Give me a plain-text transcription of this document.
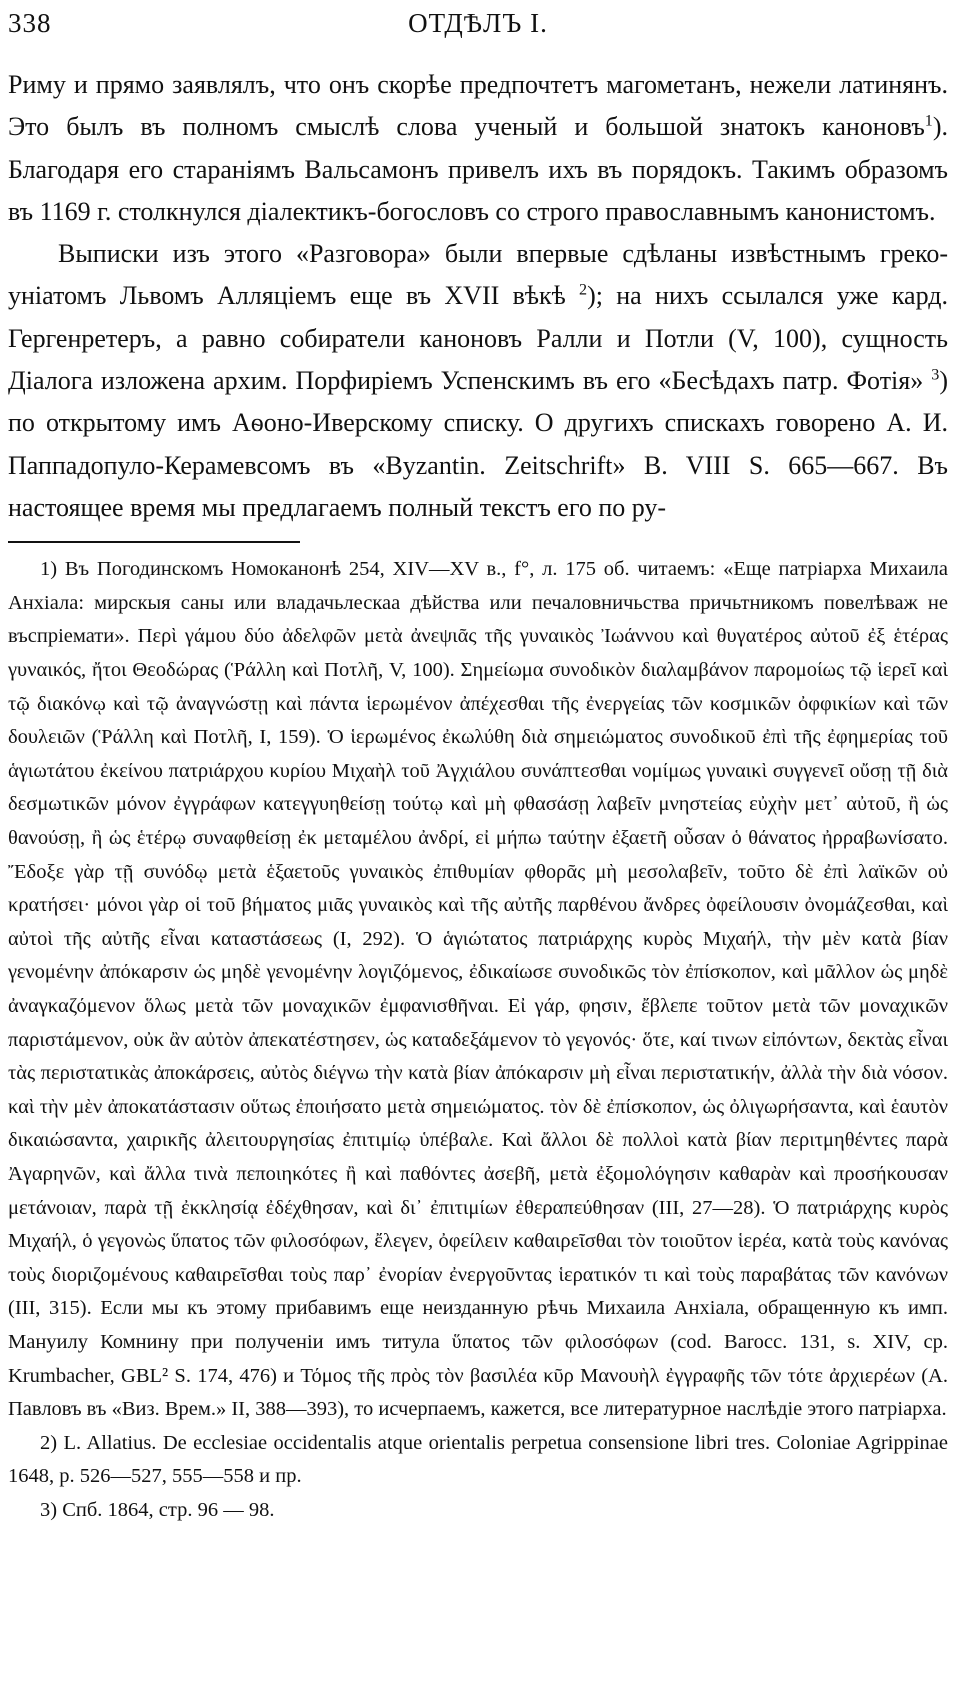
338	ОТДѢЛЪ I.

Риму и прямо заявлялъ, что онъ скорѣе предпочтетъ магометанъ, нежели латинянъ. Это былъ въ полномъ смыслѣ слова ученый и большой знатокъ каноновъ$^1$). Благодаря его стараніямъ Вальсамонъ привелъ ихъ въ порядокъ. Такимъ образомъ въ 1169 г. столкнулся діалектикъ-богословъ со строго православнымъ канонистомъ.

Выписки изъ этого «Разговора» были впервые сдѣланы извѣстнымъ греко-уніатомъ Львомъ Алляціемъ еще въ XVII вѣкѣ $^2$); на нихъ ссылался уже кард. Гергенретеръ, а равно собиратели каноновъ Ралли и Потли (V, 100), сущность Діалога изложена архим. Порфиріемъ Успенскимъ въ его «Бесѣдахъ патр. Фотія» $^3$) по открытому имъ Аѳоно-Иверскому списку. О другихъ спискахъ говорено А. И. Паппадопуло-Керамевсомъ въ «Byzantin. Zeitschrift» B. VIII S. 665—667. Въ настоящее время мы предлагаемъ полный текстъ его по ру-

1) Въ Погодинскомъ Номоканонѣ 254, XIV—XV в., f°, л. 175 об. читаемъ: «Еще патріарха Михаила Анхіала: мирскыя саны или владачьлескаа дѣйства или печаловничьства причьтникомъ повелѣваж не въспріемати». Περὶ γάμου δύο ἀδελφῶν μετὰ ἀνεψιᾶς τῆς γυναικὸς Ἰωάννου καὶ θυγατέρος αὐτοῦ ἐξ ἑτέρας γυναικός, ἤτοι Θεοδώρας (Ῥάλλη καὶ Ποτλῆ, V, 100). Σημείωμα συνοδικὸν διαλαμβάνον παρομοίως τῷ ἱερεῖ καὶ τῷ διακόνῳ καὶ τῷ ἀναγνώστῃ καὶ πάντα ἱερωμένον ἀπέχεσθαι τῆς ἐνεργείας τῶν κοσμικῶν ὀφφικίων καὶ τῶν δουλειῶν (Ῥάλλη καὶ Ποτλῆ, I, 159). Ὁ ἱερωμένος ἐκωλύθη διὰ σημειώματος συνοδικοῦ ἐπὶ τῆς ἐφημερίας τοῦ ἁγιωτάτου ἐκείνου πατριάρχου κυρίου Μιχαὴλ τοῦ Ἀγχιάλου συνάπτεσθαι νομίμως γυναικὶ συγγενεῖ οὔσῃ τῇ διὰ δεσμωτικῶν μόνον ἐγγράφων κατεγγυηθείσῃ τούτῳ καὶ μὴ φθασάσῃ λαβεῖν μνηστείας εὐχὴν μετ᾽ αὐτοῦ, ἢ ὡς θανούσῃ, ἢ ὡς ἑτέρῳ συναφθείσῃ ἐκ μεταμέλου ἀνδρί, εἰ μήπω ταύτην ἐξαετῆ οὖσαν ὁ θάνατος ἠρραβωνίσατο. Ἔδοξε γὰρ τῇ συνόδῳ μετὰ ἑξαετοῦς γυναικὸς ἐπιθυμίαν φθορᾶς μὴ μεσολαβεῖν, τοῦτο δὲ ἐπὶ λαϊκῶν οὐ κρατήσει· μόνοι γὰρ οἱ τοῦ βήματος μιᾶς γυναικὸς καὶ τῆς αὐτῆς παρθένου ἄνδρες ὀφείλουσιν ὀνομάζεσθαι, καὶ αὐτοὶ τῆς αὐτῆς εἶναι καταστάσεως (I, 292). Ὁ ἁγιώτατος πατριάρχης κυρὸς Μιχαήλ, τὴν μὲν κατὰ βίαν γενομένην ἀπόκαρσιν ὡς μηδὲ γενομένην λογιζόμενος, ἐδικαίωσε συνοδικῶς τὸν ἐπίσκοπον, καὶ μᾶλλον ὡς μηδὲ ἀναγκαζόμενον ὅλως μετὰ τῶν μοναχικῶν ἐμφανισθῆναι. Εἰ γάρ, φησιν, ἔβλεπε τοῦτον μετὰ τῶν μοναχικῶν παριστάμενον, οὐκ ἂν αὐτὸν ἀπεκατέστησεν, ὡς καταδεξάμενον τὸ γεγονός· ὅτε, καί τινων εἰπόντων, δεκτὰς εἶναι τὰς περιστατικὰς ἀποκάρσεις, αὐτὸς διέγνω τὴν κατὰ βίαν ἀπόκαρσιν μὴ εἶναι περιστατικήν, ἀλλὰ τὴν διὰ νόσον. καὶ τὴν μὲν ἀποκατάστασιν οὕτως ἐποιήσατο μετὰ σημειώματος. τὸν δὲ ἐπίσκοπον, ὡς ὀλιγωρήσαντα, καὶ ἑαυτὸν δικαιώσαντα, χαιρικῆς ἀλειτουργησίας ἐπιτιμίῳ ὑπέβαλε. Καὶ ἄλλοι δὲ πολλοὶ κατὰ βίαν περιτμηθέντες παρὰ Ἀγαρηνῶν, καὶ ἄλλα τινὰ πεποιηκότες ἢ καὶ παθόντες ἀσεβῆ, μετὰ ἐξομολόγησιν καθαρὰν καὶ προσήκουσαν μετάνοιαν, παρὰ τῇ ἐκκλησίᾳ ἐδέχθησαν, καὶ δι᾽ ἐπιτιμίων ἐθεραπεύθησαν (III, 27—28). Ὁ πατριάρχης κυρὸς Μιχαήλ, ὁ γεγονὼς ὕπατος τῶν φιλοσόφων, ἔλεγεν, ὀφείλειν καθαιρεῖσθαι τὸν τοιοῦτον ἱερέα, κατὰ τοὺς κανόνας τοὺς διοριζομένους καθαιρεῖσθαι τοὺς παρ᾽ ἐνορίαν ἐνεργοῦντας ἱερατικόν τι καὶ τοὺς παραβάτας τῶν κανόνων (III, 315). Если мы къ этому прибавимъ еще неизданную рѣчь Михаила Анхіала, обращенную къ имп. Мануилу Комнину при полученіи имъ титула ὕπατος τῶν φιλοσόφων (cod. Barocc. 131, s. XIV, cp. Krumbacher, GBL² S. 174, 476) и Τόμος τῆς πρὸς τὸν βασιλέα κῦρ Μανουὴλ ἐγγραφῆς τῶν τότε ἀρχιερέων (А. Павловъ въ «Виз. Врем.» II, 388—393), то исчерпаемъ, кажется, все литературное наслѣдіе этого патріарха.

2) L. Allatius. De ecclesiae occidentalis atque orientalis perpetua consensione libri tres. Coloniae Agrippinae 1648, p. 526—527, 555—558 и пр.

3) Спб. 1864, стр. 96 — 98.
